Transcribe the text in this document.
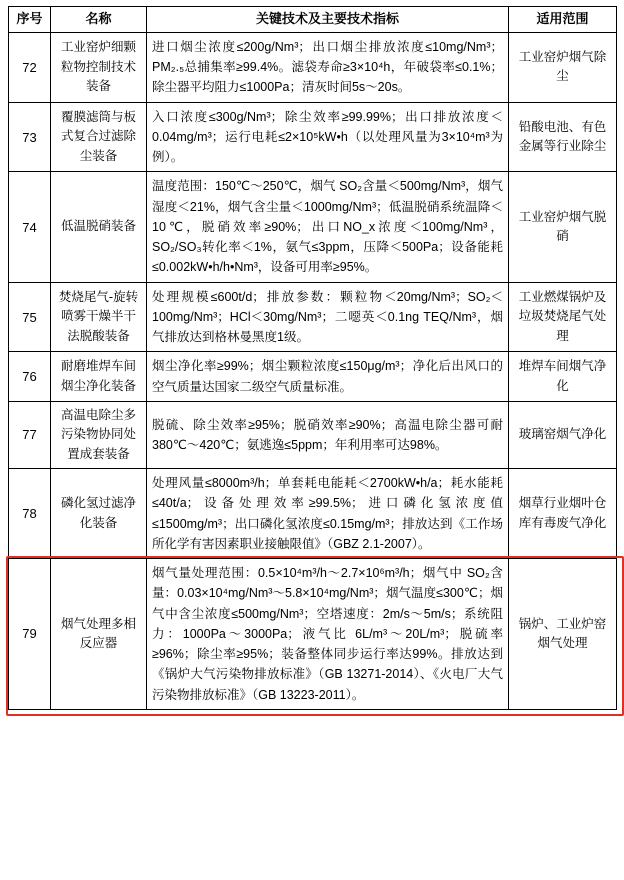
序号	名称	关键技术及主要技术指标	适用范围
72	工业窑炉细颗粒物控制技术装备	进口烟尘浓度≤200g/Nm³；出口烟尘排放浓度≤10mg/Nm³；PM₂.₅总捕集率≥99.4%。滤袋寿命≥3×10⁴h，年破袋率≤0.1%；除尘器平均阻力≤1000Pa；清灰时间5s～20s。	工业窑炉烟气除尘
73	覆膜滤筒与板式复合过滤除尘装备	入口浓度≤300g/Nm³；除尘效率≥99.99%；出口排放浓度＜0.04mg/m³；运行电耗≤2×10⁵kW•h（以处理风量为3×10⁴m³为例）。	铅酸电池、有色金属等行业除尘
74	低温脱硝装备	温度范围：150℃～250℃，烟气 SO₂含量＜500mg/Nm³，烟气湿度＜21%，烟气含尘量＜1000mg/Nm³；低温脱硝系统温降＜10℃，脱硝效率≥90%；出口NO_x浓度＜100mg/Nm³，SO₂/SO₃转化率＜1%，氨气≤3ppm，压降＜500Pa；设备能耗≤0.002kW•h/h•Nm³，设备可用率≥95%。	工业窑炉烟气脱硝
75	焚烧尾气-旋转喷雾干燥半干法脱酸装备	处理规模≤600t/d；排放参数：颗粒物＜20mg/Nm³；SO₂＜100mg/Nm³；HCl＜30mg/Nm³；二噁英＜0.1ng TEQ/Nm³，烟气排放达到格林曼黑度1级。	工业燃煤锅炉及垃圾焚烧尾气处理
76	耐磨堆焊车间烟尘净化装备	烟尘净化率≥99%；烟尘颗粒浓度≤150μg/m³；净化后出风口的空气质量达国家二级空气质量标准。	堆焊车间烟气净化
77	高温电除尘多污染物协同处置成套装备	脱硫、除尘效率≥95%；脱硝效率≥90%；高温电除尘器可耐380℃～420℃；氨逃逸≤5ppm；年利用率可达98%。	玻璃窑烟气净化
78	磷化氢过滤净化装备	处理风量≤8000m³/h；单套耗电能耗＜2700kW•h/a；耗水能耗≤40t/a；设备处理效率≥99.5%；进口磷化氢浓度值≤1500mg/m³；出口磷化氢浓度≤0.15mg/m³；排放达到《工作场所化学有害因素职业接触限值》（GBZ 2.1-2007）。	烟草行业烟叶仓库有毒废气净化
79	烟气处理多相反应器	烟气量处理范围：0.5×10⁴m³/h～2.7×10⁶m³/h；烟气中 SO₂含量：0.03×10⁴mg/Nm³～5.8×10⁴mg/Nm³；烟气温度≤300℃；烟气中含尘浓度≤500mg/Nm³；空塔速度：2m/s～5m/s；系统阻力：1000Pa～3000Pa；液气比 6L/m³～20L/m³；脱硫率≥96%；除尘率≥95%；装备整体同步运行率达99%。排放达到《锅炉大气污染物排放标准》（GB 13271-2014）、《火电厂大气污染物排放标准》（GB 13223-2011）。	锅炉、工业炉窑烟气处理
